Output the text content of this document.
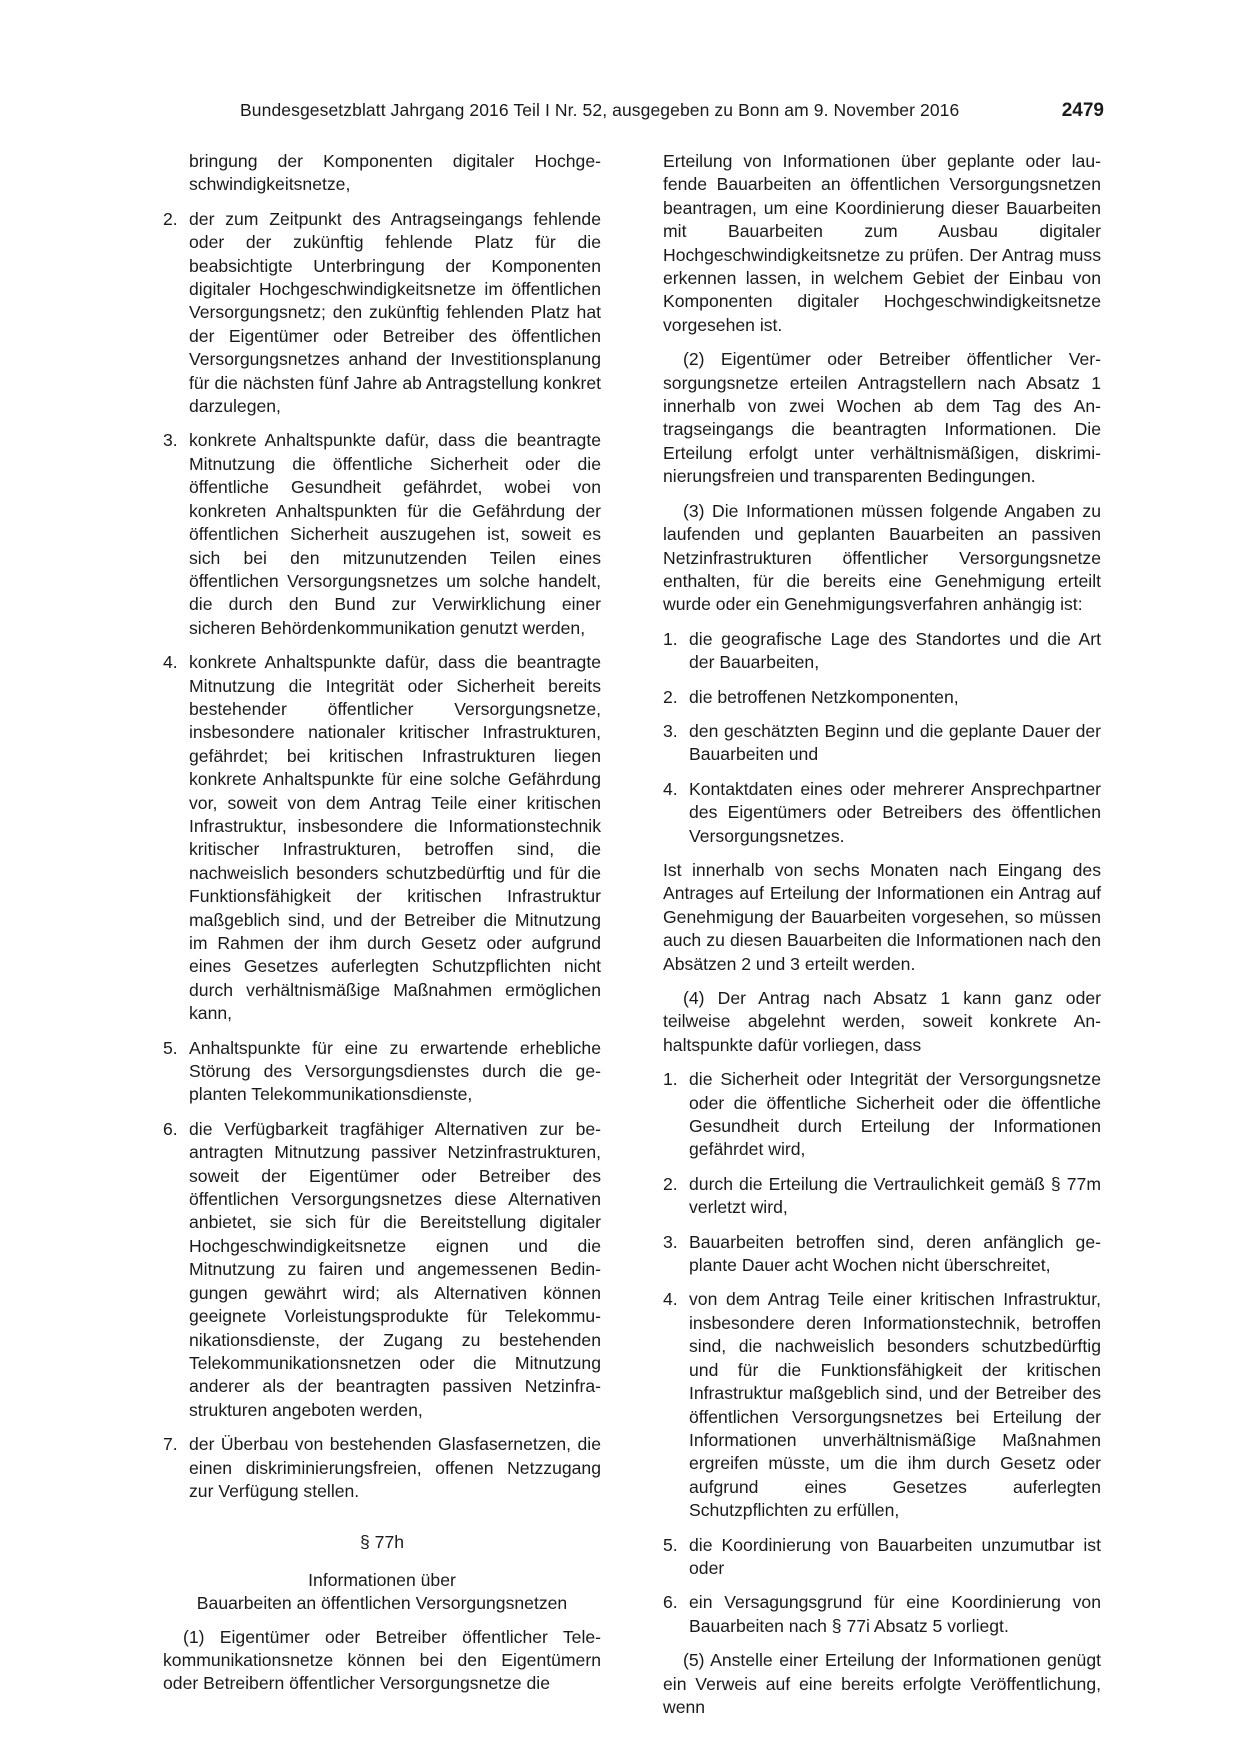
Bundesgesetzblatt Jahrgang 2016 Teil I Nr. 52, ausgegeben zu Bonn am 9. November 2016	2479
bringung der Komponenten digitaler Hochgeschwindigkeitsnetze,
2. der zum Zeitpunkt des Antragseingangs fehlende oder der zukünftig fehlende Platz für die beabsichtigte Unterbringung der Komponenten digitaler Hochgeschwindigkeitsnetze im öffentlichen Versorgungsnetz; den zukünftig fehlenden Platz hat der Eigentümer oder Betreiber des öffentlichen Versorgungsnetzes anhand der Investitionsplanung für die nächsten fünf Jahre ab Antragstellung konkret darzulegen,
3. konkrete Anhaltspunkte dafür, dass die beantragte Mitnutzung die öffentliche Sicherheit oder die öffentliche Gesundheit gefährdet, wobei von konkreten Anhaltspunkten für die Gefährdung der öffentlichen Sicherheit auszugehen ist, soweit es sich bei den mitzunutzenden Teilen eines öffentlichen Versorgungsnetzes um solche handelt, die durch den Bund zur Verwirklichung einer sicheren Behördenkommunikation genutzt werden,
4. konkrete Anhaltspunkte dafür, dass die beantragte Mitnutzung die Integrität oder Sicherheit bereits bestehender öffentlicher Versorgungsnetze, insbesondere nationaler kritischer Infrastrukturen, gefährdet; bei kritischen Infrastrukturen liegen konkrete Anhaltspunkte für eine solche Gefährdung vor, soweit von dem Antrag Teile einer kritischen Infrastruktur, insbesondere die Informationstechnik kritischer Infrastrukturen, betroffen sind, die nachweislich besonders schutzbedürftig und für die Funktionsfähigkeit der kritischen Infrastruktur maßgeblich sind, und der Betreiber die Mitnutzung im Rahmen der ihm durch Gesetz oder aufgrund eines Gesetzes auferlegten Schutzpflichten nicht durch verhältnismäßige Maßnahmen ermöglichen kann,
5. Anhaltspunkte für eine zu erwartende erhebliche Störung des Versorgungsdienstes durch die geplanten Telekommunikationsdienste,
6. die Verfügbarkeit tragfähiger Alternativen zur beantragten Mitnutzung passiver Netzinfrastrukturen, soweit der Eigentümer oder Betreiber des öffentlichen Versorgungsnetzes diese Alternativen anbietet, sie sich für die Bereitstellung digitaler Hochgeschwindigkeitsnetze eignen und die Mitnutzung zu fairen und angemessenen Bedingungen gewährt wird; als Alternativen können geeignete Vorleistungsprodukte für Telekommunikationsdienste, der Zugang zu bestehenden Telekommunikationsnetzen oder die Mitnutzung anderer als der beantragten passiven Netzinfrastrukturen angeboten werden,
7. der Überbau von bestehenden Glasfasernetzen, die einen diskriminierungsfreien, offenen Netzzugang zur Verfügung stellen.
§ 77h
Informationen über
Bauarbeiten an öffentlichen Versorgungsnetzen

(1) Eigentümer oder Betreiber öffentlicher Telekommunikationsnetze können bei den Eigentümern oder Betreibern öffentlicher Versorgungsnetze die

Erteilung von Informationen über geplante oder laufende Bauarbeiten an öffentlichen Versorgungsnetzen beantragen, um eine Koordinierung dieser Bauarbeiten mit Bauarbeiten zum Ausbau digitaler Hochgeschwindigkeitsnetze zu prüfen. Der Antrag muss erkennen lassen, in welchem Gebiet der Einbau von Komponenten digitaler Hochgeschwindigkeitsnetze vorgesehen ist.

(2) Eigentümer oder Betreiber öffentlicher Versorgungsnetze erteilen Antragstellern nach Absatz 1 innerhalb von zwei Wochen ab dem Tag des Antragseingangs die beantragten Informationen. Die Erteilung erfolgt unter verhältnismäßigen, diskriminierungsfreien und transparenten Bedingungen.

(3) Die Informationen müssen folgende Angaben zu laufenden und geplanten Bauarbeiten an passiven Netzinfrastrukturen öffentlicher Versorgungsnetze enthalten, für die bereits eine Genehmigung erteilt wurde oder ein Genehmigungsverfahren anhängig ist:

1. die geografische Lage des Standortes und die Art der Bauarbeiten,
2. die betroffenen Netzkomponenten,
3. den geschätzten Beginn und die geplante Dauer der Bauarbeiten und
4. Kontaktdaten eines oder mehrerer Ansprechpartner des Eigentümers oder Betreibers des öffentlichen Versorgungsnetzes.

Ist innerhalb von sechs Monaten nach Eingang des Antrages auf Erteilung der Informationen ein Antrag auf Genehmigung der Bauarbeiten vorgesehen, so müssen auch zu diesen Bauarbeiten die Informationen nach den Absätzen 2 und 3 erteilt werden.

(4) Der Antrag nach Absatz 1 kann ganz oder teilweise abgelehnt werden, soweit konkrete Anhaltspunkte dafür vorliegen, dass

1. die Sicherheit oder Integrität der Versorgungsnetze oder die öffentliche Sicherheit oder die öffentliche Gesundheit durch Erteilung der Informationen gefährdet wird,
2. durch die Erteilung die Vertraulichkeit gemäß § 77m verletzt wird,
3. Bauarbeiten betroffen sind, deren anfänglich geplante Dauer acht Wochen nicht überschreitet,
4. von dem Antrag Teile einer kritischen Infrastruktur, insbesondere deren Informationstechnik, betroffen sind, die nachweislich besonders schutzbedürftig und für die Funktionsfähigkeit der kritischen Infrastruktur maßgeblich sind, und der Betreiber des öffentlichen Versorgungsnetzes bei Erteilung der Informationen unverhältnismäßige Maßnahmen ergreifen müsste, um die ihm durch Gesetz oder aufgrund eines Gesetzes auferlegten Schutzpflichten zu erfüllen,
5. die Koordinierung von Bauarbeiten unzumutbar ist oder
6. ein Versagungsgrund für eine Koordinierung von Bauarbeiten nach § 77i Absatz 5 vorliegt.

(5) Anstelle einer Erteilung der Informationen genügt ein Verweis auf eine bereits erfolgte Veröffentlichung, wenn
